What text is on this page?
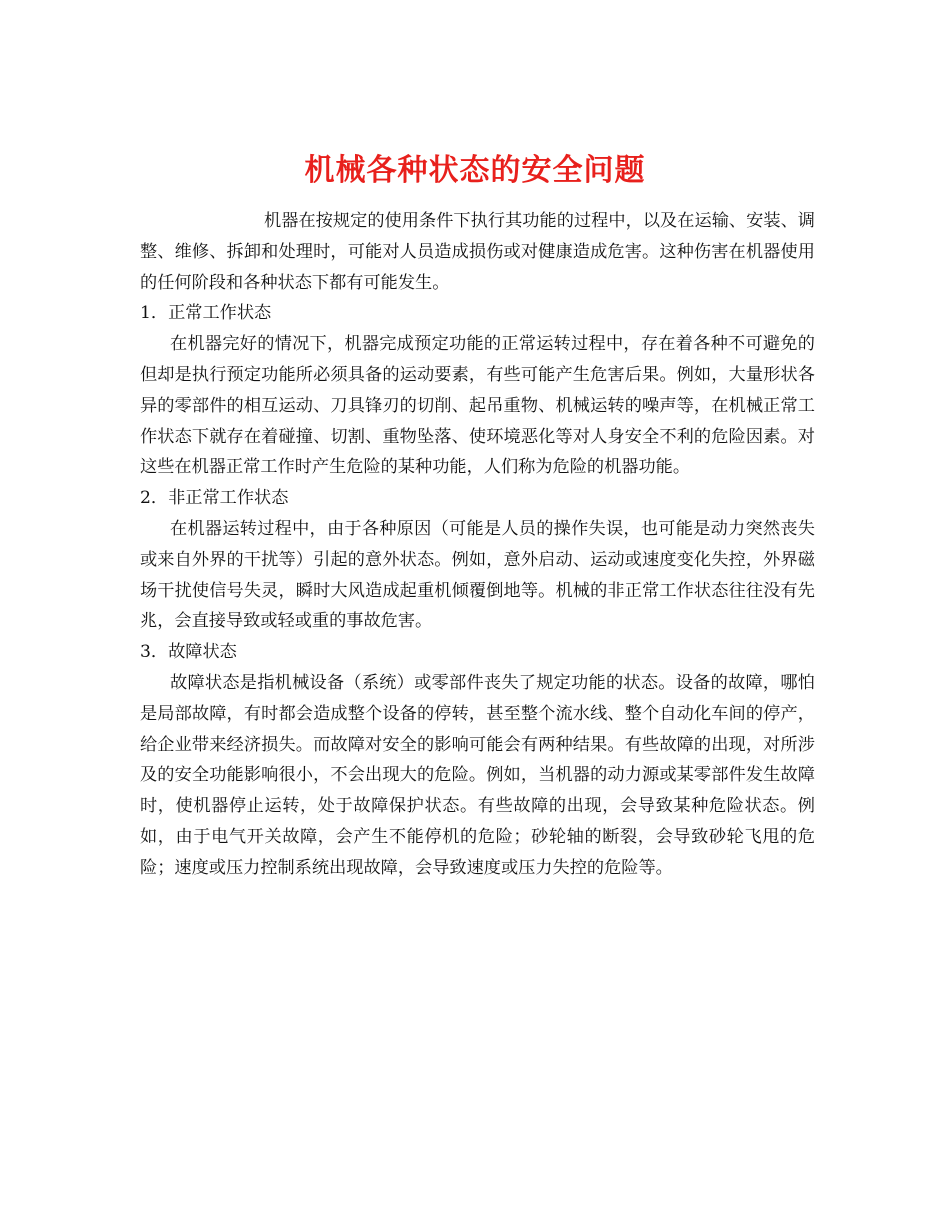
机械各种状态的安全问题

机器在按规定的使用条件下执行其功能的过程中，以及在运输、安装、调整、维修、拆卸和处理时，可能对人员造成损伤或对健康造成危害。这种伤害在机器使用的任何阶段和各种状态下都有可能发生。

1．正常工作状态

在机器完好的情况下，机器完成预定功能的正常运转过程中，存在着各种不可避免的但却是执行预定功能所必须具备的运动要素，有些可能产生危害后果。例如，大量形状各异的零部件的相互运动、刀具锋刃的切削、起吊重物、机械运转的噪声等，在机械正常工作状态下就存在着碰撞、切割、重物坠落、使环境恶化等对人身安全不利的危险因素。对这些在机器正常工作时产生危险的某种功能，人们称为危险的机器功能。

2．非正常工作状态

在机器运转过程中，由于各种原因（可能是人员的操作失误，也可能是动力突然丧失或来自外界的干扰等）引起的意外状态。例如，意外启动、运动或速度变化失控，外界磁场干扰使信号失灵，瞬时大风造成起重机倾覆倒地等。机械的非正常工作状态往往没有先兆，会直接导致或轻或重的事故危害。

3．故障状态

故障状态是指机械设备（系统）或零部件丧失了规定功能的状态。设备的故障，哪怕是局部故障，有时都会造成整个设备的停转，甚至整个流水线、整个自动化车间的停产，给企业带来经济损失。而故障对安全的影响可能会有两种结果。有些故障的出现，对所涉及的安全功能影响很小，不会出现大的危险。例如，当机器的动力源或某零部件发生故障时，使机器停止运转，处于故障保护状态。有些故障的出现，会导致某种危险状态。例如，由于电气开关故障，会产生不能停机的危险；砂轮轴的断裂，会导致砂轮飞甩的危险；速度或压力控制系统出现故障，会导致速度或压力失控的危险等。
